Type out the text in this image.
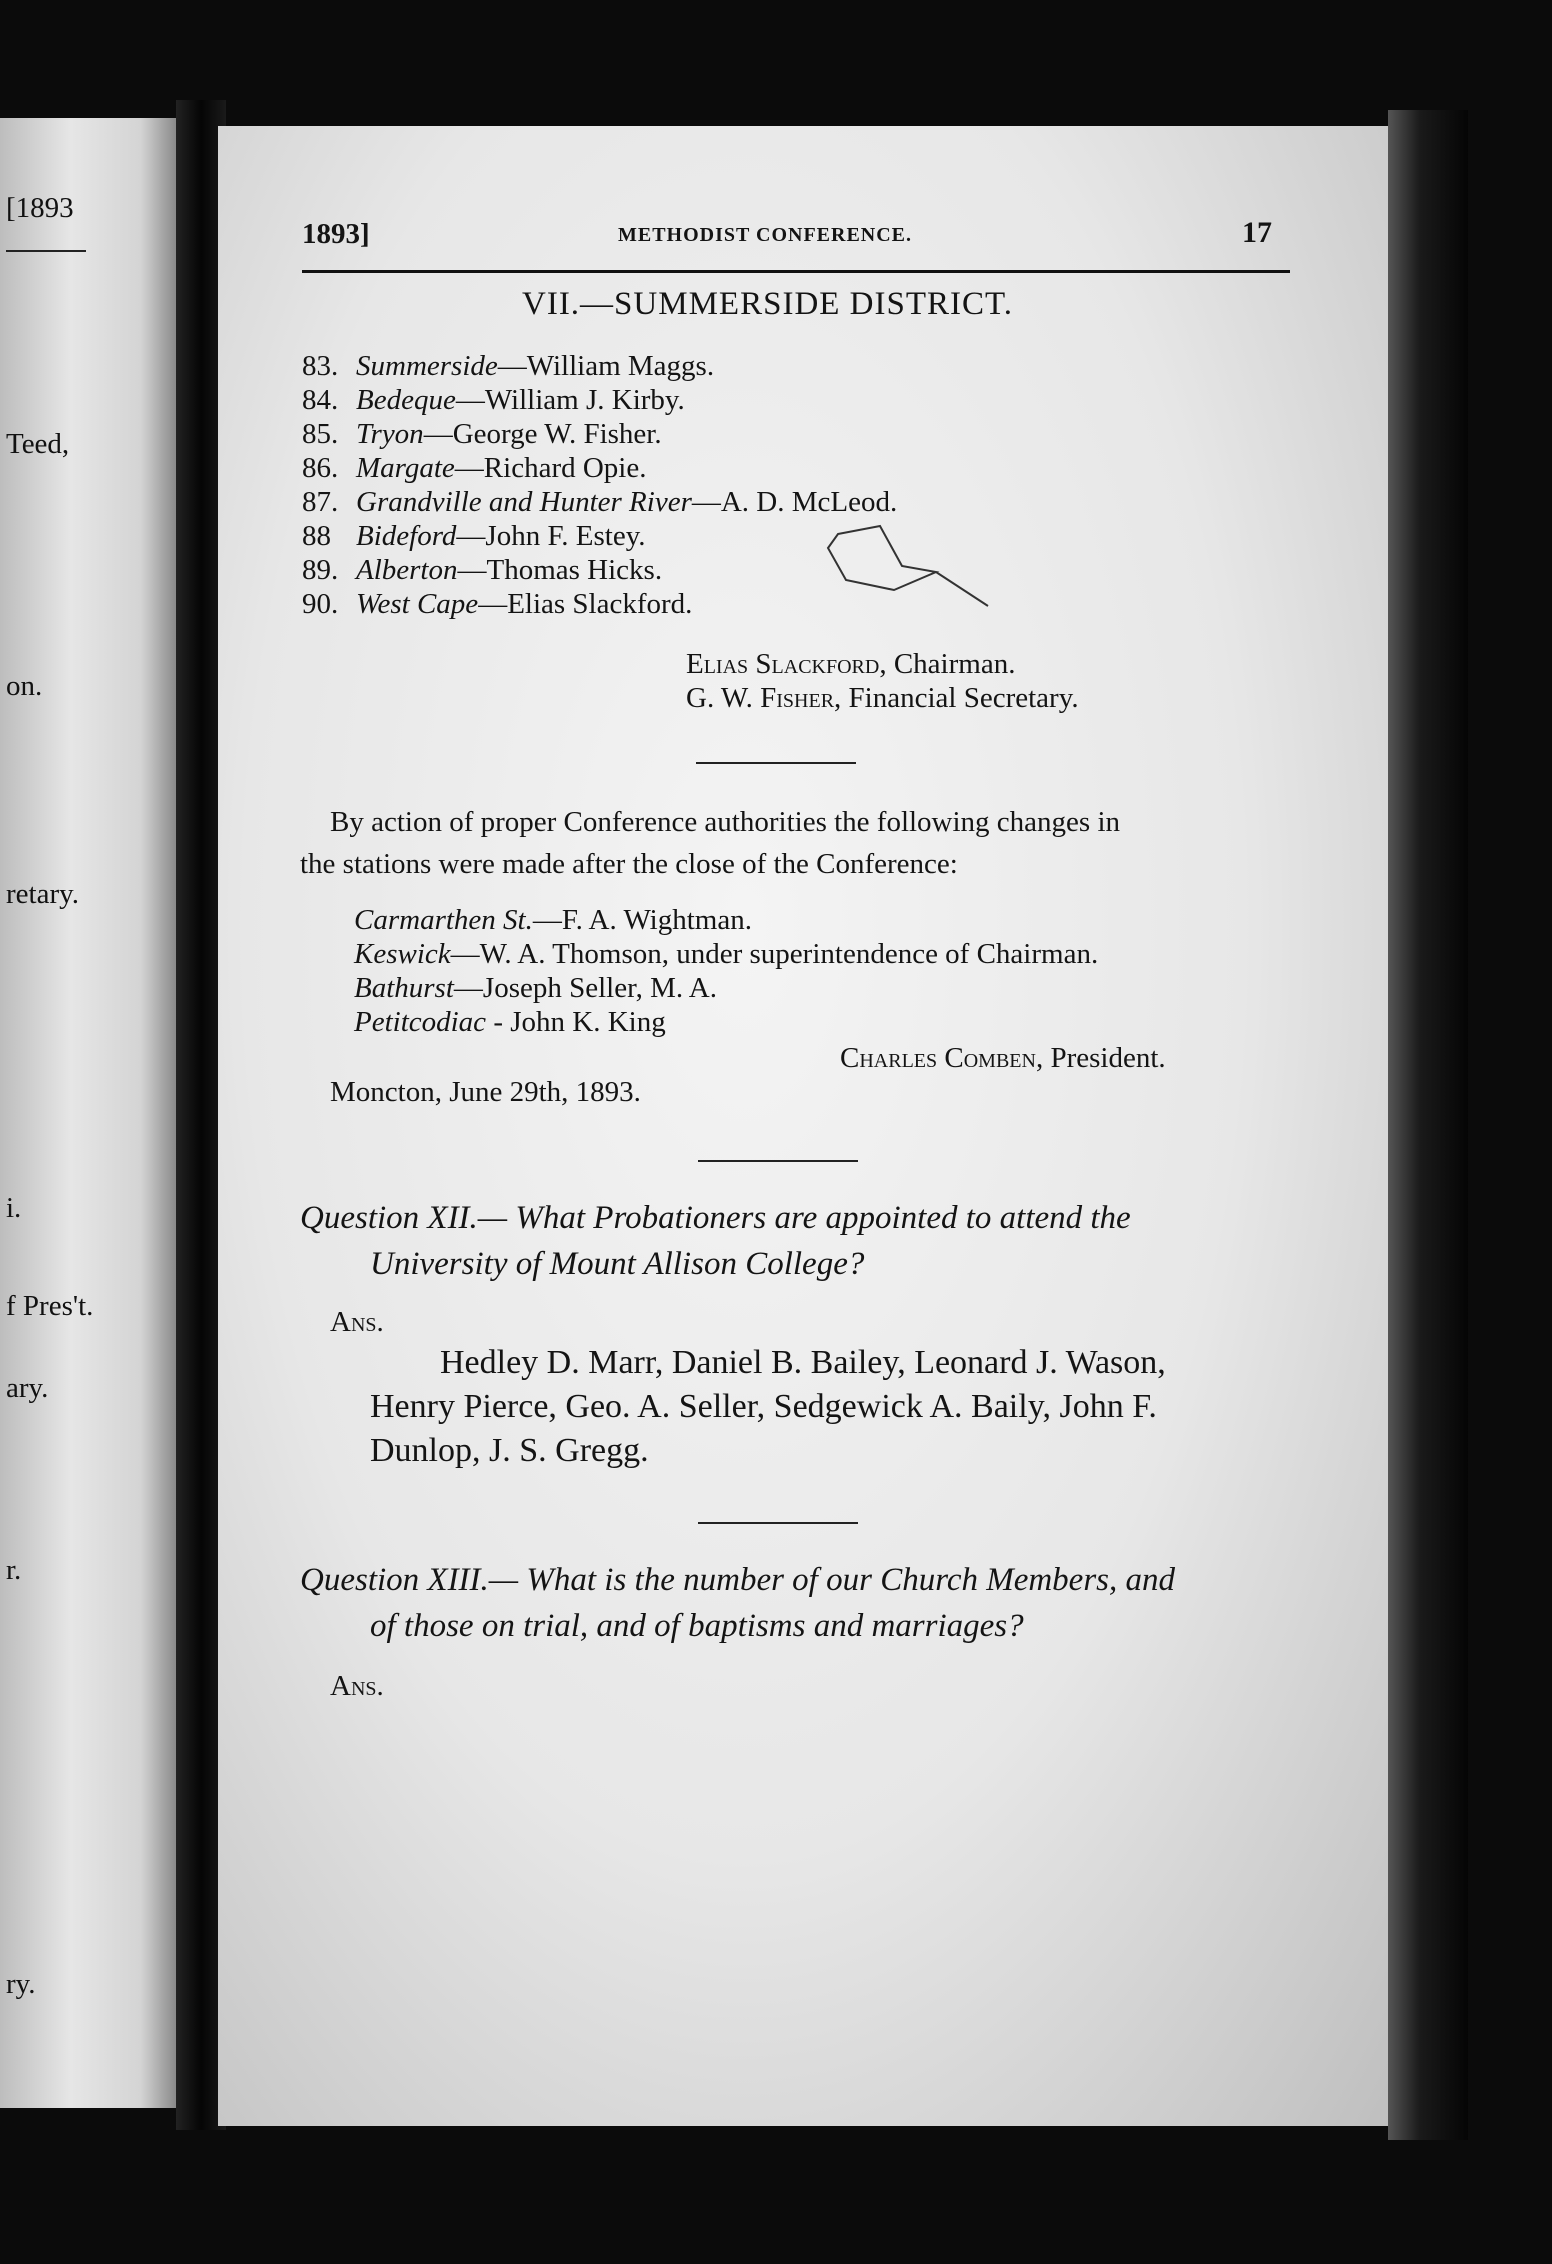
[1893
Teed,
on.
retary.
i.
f Pres't.
ary.
r.
ry.
1893]	METHODIST CONFERENCE.	17
VII.—SUMMERSIDE DISTRICT.
83. Summerside—William Maggs.
84. Bedeque—William J. Kirby.
85. Tryon—George W. Fisher.
86. Margate—Richard Opie.
87. Grandville and Hunter River—A. D. McLeod.
88 Bideford—John F. Estey.
89. Alberton—Thomas Hicks.
90. West Cape—Elias Slackford.
Elias Slackford, Chairman.
G. W. Fisher, Financial Secretary.
By action of proper Conference authorities the following changes in
the stations were made after the close of the Conference:
Carmarthen St.—F. A. Wightman.
Keswick—W. A. Thomson, under superintendence of Chairman.
Bathurst—Joseph Seller, M. A.
Petitcodiac - John K. King
Charles Comben, President.
Moncton, June 29th, 1893.
Question XII.— What Probationers are appointed to attend the
University of Mount Allison College?
Ans.
Hedley D. Marr, Daniel B. Bailey, Leonard J. Wason,
Henry Pierce, Geo. A. Seller, Sedgewick A. Baily, John F.
Dunlop, J. S. Gregg.
Question XIII.— What is the number of our Church Members, and
of those on trial, and of baptisms and marriages?
Ans.
